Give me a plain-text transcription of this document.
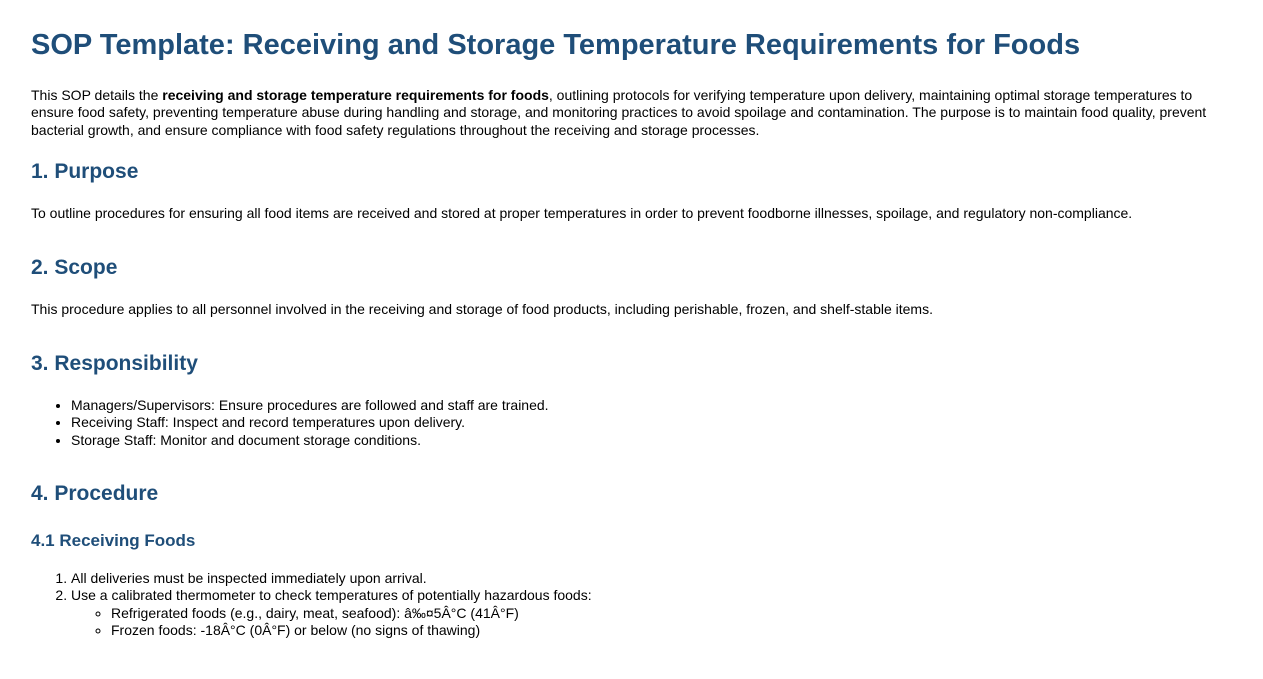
SOP Template: Receiving and Storage Temperature Requirements for Foods

This SOP details the receiving and storage temperature requirements for foods, outlining protocols for verifying temperature upon delivery, maintaining optimal storage temperatures to ensure food safety, preventing temperature abuse during handling and storage, and monitoring practices to avoid spoilage and contamination. The purpose is to maintain food quality, prevent bacterial growth, and ensure compliance with food safety regulations throughout the receiving and storage processes.

1. Purpose

To outline procedures for ensuring all food items are received and stored at proper temperatures in order to prevent foodborne illnesses, spoilage, and regulatory non-compliance.

2. Scope

This procedure applies to all personnel involved in the receiving and storage of food products, including perishable, frozen, and shelf-stable items.

3. Responsibility
• Managers/Supervisors: Ensure procedures are followed and staff are trained.
• Receiving Staff: Inspect and record temperatures upon delivery.
• Storage Staff: Monitor and document storage conditions.
4. Procedure
4.1 Receiving Foods
1. All deliveries must be inspected immediately upon arrival.
2. Use a calibrated thermometer to check temperatures of potentially hazardous foods:
◦ Refrigerated foods (e.g., dairy, meat, seafood): â‰¤5Â°C (41Â°F)
◦ Frozen foods: -18Â°C (0Â°F) or below (no signs of thawing)
